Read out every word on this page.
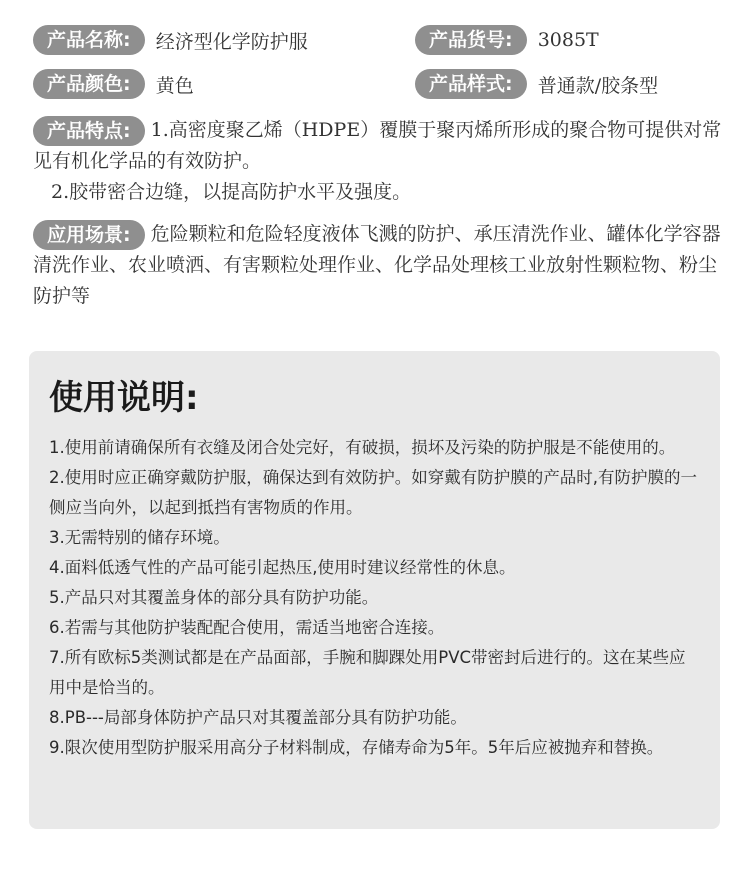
产品名称: 经济型化学防护服	产品货号: 3085T
产品颜色: 黄色	产品样式: 普通款/胶条型
产品特点: 1.高密度聚乙烯（HDPE）覆膜于聚丙烯所形成的聚合物可提供对常见有机化学品的有效防护。
2.胶带密合边缝，以提高防护水平及强度。
应用场景: 危险颗粒和危险轻度液体飞溅的防护、承压清洗作业、罐体化学容器清洗作业、农业喷洒、有害颗粒处理作业、化学品处理核工业放射性颗粒物、粉尘防护等
使用说明:
1.使用前请确保所有衣缝及闭合处完好，有破损，损坏及污染的防护服是不能使用的。
2.使用时应正确穿戴防护服，确保达到有效防护。如穿戴有防护膜的产品时,有防护膜的一侧应当向外，以起到抵挡有害物质的作用。
3.无需特别的储存环境。
4.面料低透气性的产品可能引起热压,使用时建议经常性的休息。
5.产品只对其覆盖身体的部分具有防护功能。
6.若需与其他防护装配配合使用，需适当地密合连接。
7.所有欧标5类测试都是在产品面部，手腕和脚踝处用PVC带密封后进行的。这在某些应用中是恰当的。
8.PB---局部身体防护产品只对其覆盖部分具有防护功能。
9.限次使用型防护服采用高分子材料制成，存储寿命为5年。5年后应被抛弃和替换。
